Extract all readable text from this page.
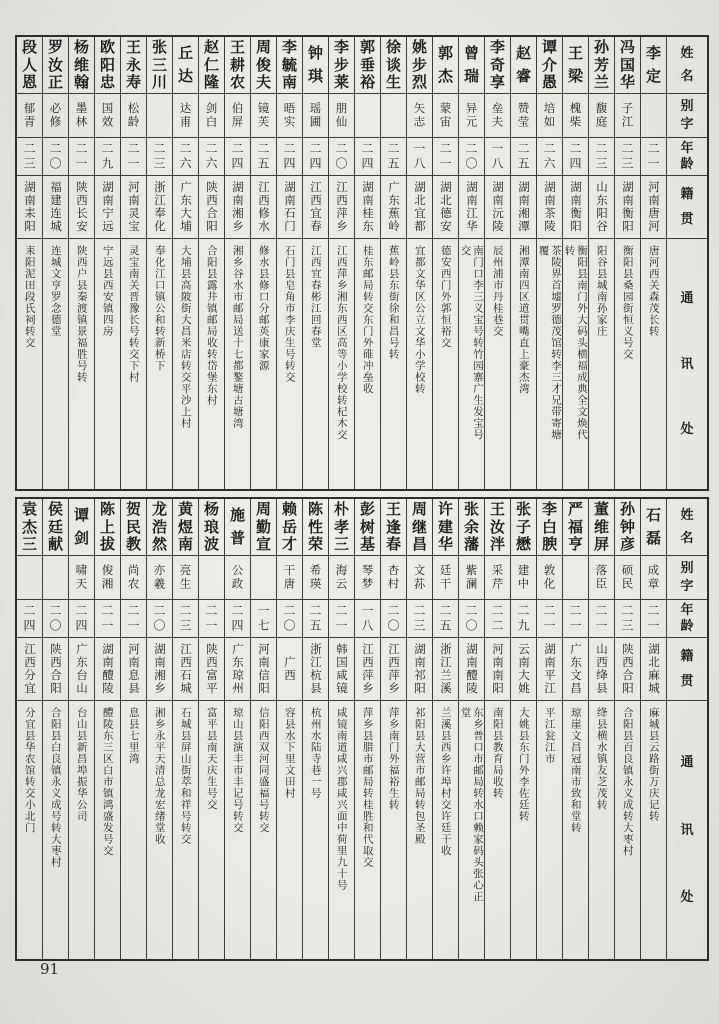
姓
名
别
字
年
龄
籍
贯
通
讯
处
李
定
二一
河南唐河
唐河西关森茂长转
冯
国
华
子江
二三
湖南衡阳
衡阳县桑园街恒义号交
孙
芳
兰
馥庭
二三
山东阳谷
阳谷县城南孙家庄
王
梁
槐柴
二四
湖南衡阳
衡阳县南门外大码头横福成典全文焕代转
谭
介
愚
培如
二六
湖南茶陵
茶陵界首墟罗德茂馆转李三才兄带寄塘覆
赵
睿
赞莹
二五
湖南湘潭
湘潭南四区道贯嘴直上豪杰湾
李
奇
享
垒夫
一八
湖南沅陵
辰州浦市丹桂巷交
曾
瑞
异元
二〇
湖南江华
南门口李三义宝号转竹园寨广生发宝号交
郭
杰
蒙宙
二一
湖北德安
德安西门外郭恒裕交
姚
步
烈
矢志
一八
湖北宜都
宜都文华区公立文华小学校转
徐
谈
生
二五
广东蕉岭
蕉岭县东街徐和昌号转
郭
垂
裕
二四
湖南桂东
桂东邮局转交东门外碓冲垒收
李
步
莱
朋仙
二〇
江西萍乡
江西萍乡湘东西区高等小学校转杞木交
钟
琪
瑶圃
二四
江西宜春
江西宜春彬江回春堂
李
毓
南
晤实
二四
湖南石门
石门县皂角市李庆生号转交
周
俊
夫
镜芙
二五
江西修水
修水县修口分邮英康家源
王
耕
农
伯屏
二四
湖南湘乡
湘乡谷水市邮局送十七都鏊塘古塘湾
赵
仁
隆
剑白
二六
陕西合阳
合阳县露井镇邮局收转岱堡东村
丘
达
达甫
二六
广东大埔
大埔县高陂街大昌米店转交平沙上村
张
三
川
二三
浙江奉化
奉化江口镇公和转新桥下
王
永
寿
松龄
二一
河南灵宝
灵宝南关晋豫长号转交下村
欧
阳
忠
国效
二九
湖南宁远
宁远县西安镇四房
杨
维
翰
墨林
二一
陕西长安
陕西户县秦渡镇景福胜号转
罗
汝
正
必修
二〇
福建连城
连城文亨罗念德堂
段
人
恩
郁青
二三
湖南耒阳
耒阳泥田段氏祠转交
姓
名
别
字
年
龄
籍
贯
通
讯
处
石
磊
成章
二一
湖北麻城
麻城县云路街万庆记转
孙
钟
彦
硕民
二三
陕西合阳
合阳县百良镇永义成转大枣村
董
维
屏
落臣
二一
山西绛县
绛县横水镇友芝茂转
严
福
亨
二一
广东文昌
琼崖文昌冠南市致和堂转
李
白
腴
敦化
二一
湖南平江
平江瓮江市
张
子
懋
建中
二九
云南大姚
大姚县东门外李佐廷转
王
汝
泮
采芹
二二
河南南阳
南阳县教育局收转
张
余
藩
紫澜
二〇
湖南醴陵
东乡普口市邮局转水口赖家码头张心正堂
许
建
华
廷干
二五
浙江兰溪
兰溪县西乡许埠村交许廷干收
周
继
昌
文荪
二三
湖南祁阳
祁阳县大营市邮局转包圣殿
王
逢
春
杏村
二〇
江西萍乡
萍乡南门外福裕生转
彭
树
基
琴梦
一八
江西萍乡
萍乡县腊市邮局转桂胜和代取交
朴
孝
三
海云
二一
韩国咸镜
咸镜南道咸兴郡咸兴面中荷里九十号
陈
性
荣
希瑛
二五
浙江杭县
杭州水陆寺巷一号
赖
岳
才
干唐
二〇
广西
容县水下里文田村
周
勤
宣
一七
河南信阳
信阳西双河同盛福号转交
施
普
公政
二四
广东琼州
琼山县演丰市丰记号转交
杨
琅
波
二一
陕西富平
富平县南天庆生号交
黄
煜
南
亮生
二三
江西石城
石城县屏山街萃和祥号转交
龙
浩
然
亦羲
二〇
湖南湘乡
湘乡永平天清总龙宏绪堂收
贺
民
教
尚农
二一
河南息县
息县七里湾
陈
上
拔
俊湘
二一
湖南醴陵
醴陵东三区白市镇鸿盛发号交
谭
剑
啸天
二四
广东台山
台山县新昌埠振华公司
侯
廷
献
二〇
陕西合阳
合阳县白良镇永义成号转大枣村
袁
杰
三
二四
江西分宜
分宜县华农馆转交小北门
91
